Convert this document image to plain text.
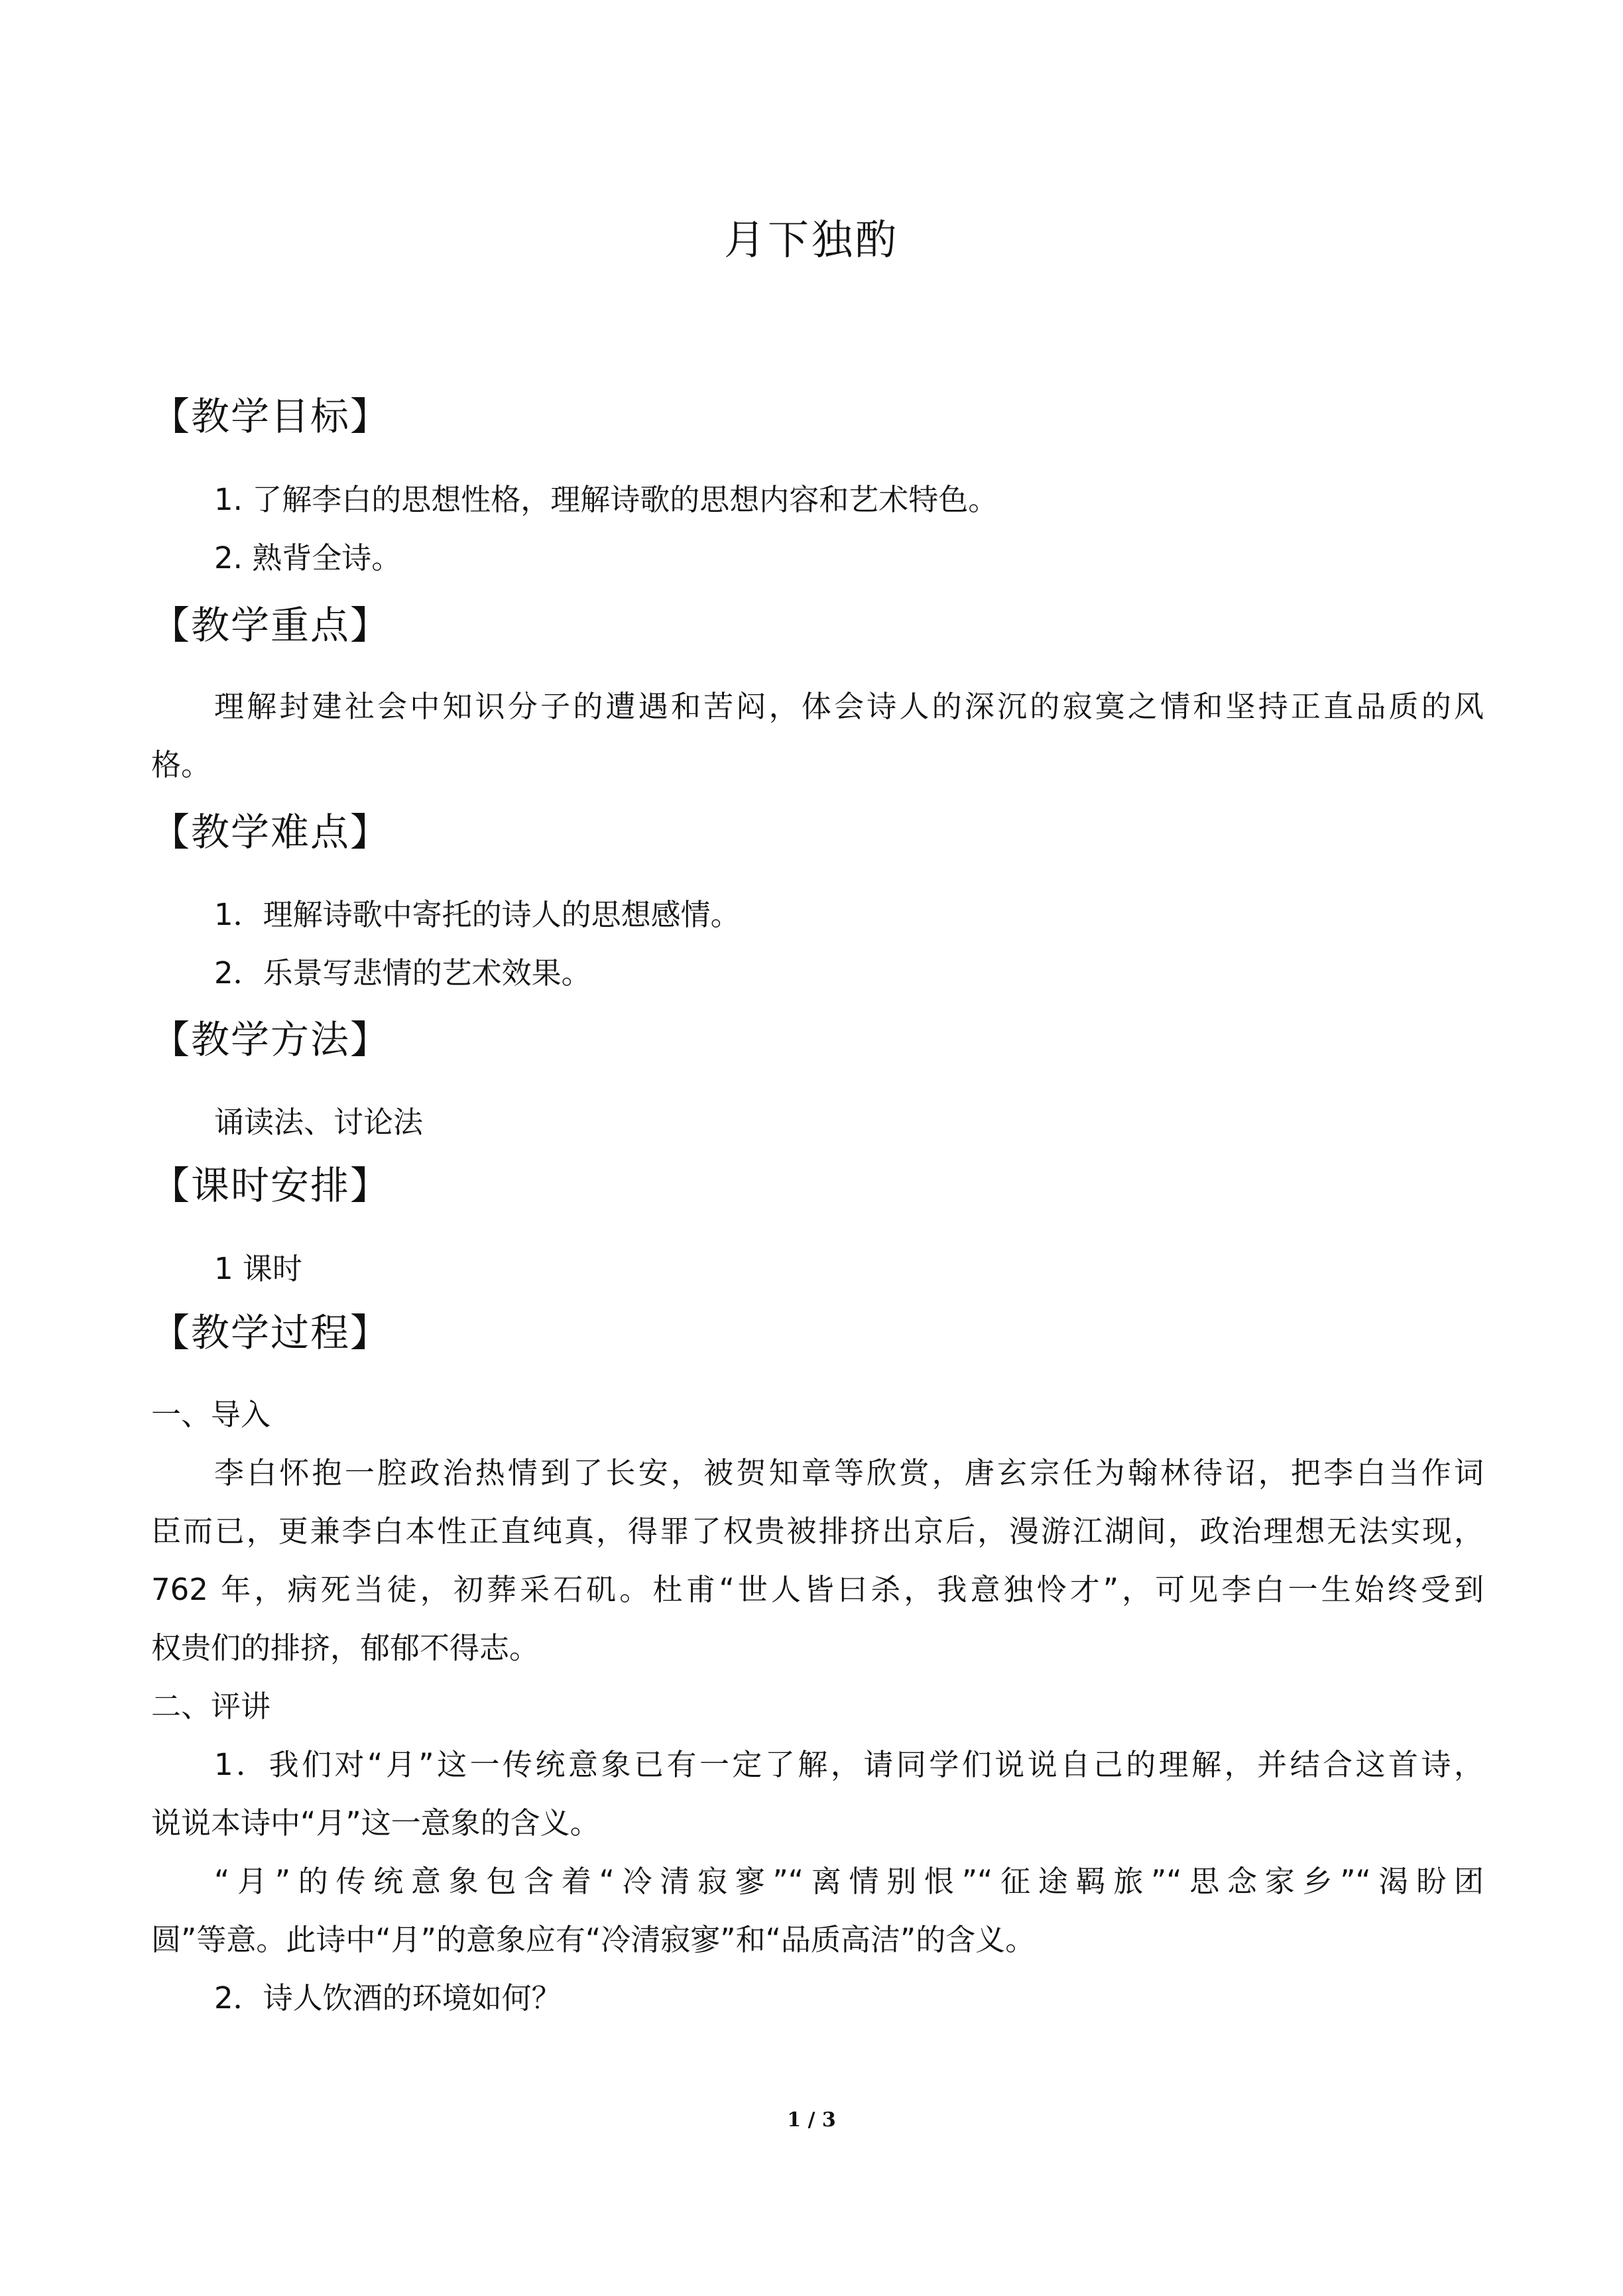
月下独酌
【教学目标】
1. 了解李白的思想性格，理解诗歌的思想内容和艺术特色。
2. 熟背全诗。
【教学重点】
理解封建社会中知识分子的遭遇和苦闷，体会诗人的深沉的寂寞之情和坚持正直品质的风
格。
【教学难点】
1．理解诗歌中寄托的诗人的思想感情。
2．乐景写悲情的艺术效果。
【教学方法】
诵读法、讨论法
【课时安排】
1 课时
【教学过程】
一、导入
李白怀抱一腔政治热情到了长安，被贺知章等欣赏，唐玄宗任为翰林待诏，把李白当作词
臣而已，更兼李白本性正直纯真，得罪了权贵被排挤出京后，漫游江湖间，政治理想无法实现，
762 年，病死当徒，初葬采石矶。杜甫“世人皆曰杀，我意独怜才”，可见李白一生始终受到
权贵们的排挤，郁郁不得志。
二、评讲
1．我们对“月”这一传统意象已有一定了解，请同学们说说自己的理解，并结合这首诗，
说说本诗中“月”这一意象的含义。
“月”的传统意象包含着“冷清寂寥”“离情别恨”“征途羁旅”“思念家乡”“渴盼团
圆”等意。此诗中“月”的意象应有“冷清寂寥”和“品质高洁”的含义。
2．诗人饮酒的环境如何？
1 / 3
